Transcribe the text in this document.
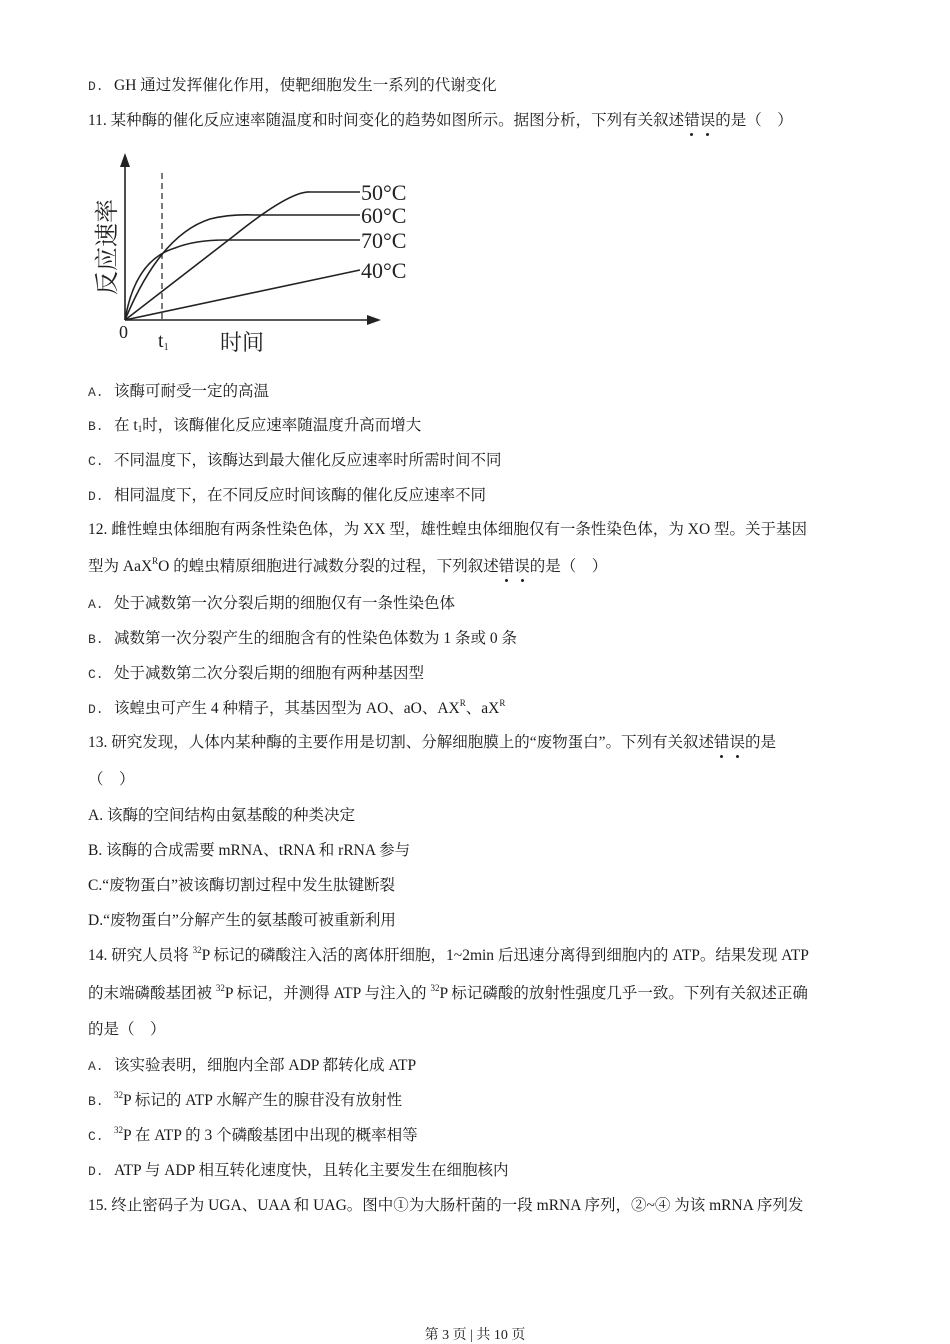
D. GH 通过发挥催化作用，使靶细胞发生一系列的代谢变化
11. 某种酶的催化反应速率随温度和时间变化的趋势如图所示。据图分析，下列有关叙述错误的是（　）
50°C
60°C
70°C
40°C
0 t1 时间
反应速率
A. 该酶可耐受一定的高温
B. 在 $t_1$时，该酶催化反应速率随温度升高而增大
C. 不同温度下，该酶达到最大催化反应速率时所需时间不同
D. 相同温度下，在不同反应时间该酶的催化反应速率不同
12. 雌性蝗虫体细胞有两条性染色体，为 XX 型，雄性蝗虫体细胞仅有一条性染色体，为 XO 型。关于基因
型为 AaX$^R$O 的蝗虫精原细胞进行减数分裂的过程，下列叙述错误的是（　）
A. 处于减数第一次分裂后期的细胞仅有一条性染色体
B. 减数第一次分裂产生的细胞含有的性染色体数为 1 条或 0 条
C. 处于减数第二次分裂后期的细胞有两种基因型
D. 该蝗虫可产生 4 种精子，其基因型为 AO、aO、$AX^R$、$aX^R$
13. 研究发现，人体内某种酶的主要作用是切割、分解细胞膜上的“废物蛋白”。下列有关叙述错误的是
（　）
A. 该酶的空间结构由氨基酸的种类决定
B. 该酶的合成需要 mRNA、tRNA 和 rRNA 参与
C.“废物蛋白”被该酶切割过程中发生肽键断裂
D.“废物蛋白”分解产生的氨基酸可被重新利用
14. 研究人员将 $^{32}$P 标记的磷酸注入活的离体肝细胞，1~2min 后迅速分离得到细胞内的 ATP。结果发现 ATP
的末端磷酸基团被 $^{32}$P 标记，并测得 ATP 与注入的 $^{32}$P 标记磷酸的放射性强度几乎一致。下列有关叙述正确
的是（　）
A. 该实验表明，细胞内全部 ADP 都转化成 ATP
B. $^{32}$P 标记的 ATP 水解产生的腺苷没有放射性
C. $^{32}$P 在 ATP 的 3 个磷酸基团中出现的概率相等
D. ATP 与 ADP 相互转化速度快，且转化主要发生在细胞核内
15. 终止密码子为 UGA、UAA 和 UAG。图中①为大肠杆菌的一段 mRNA 序列，②~④ 为该 mRNA 序列发
第 3 页 | 共 10 页
